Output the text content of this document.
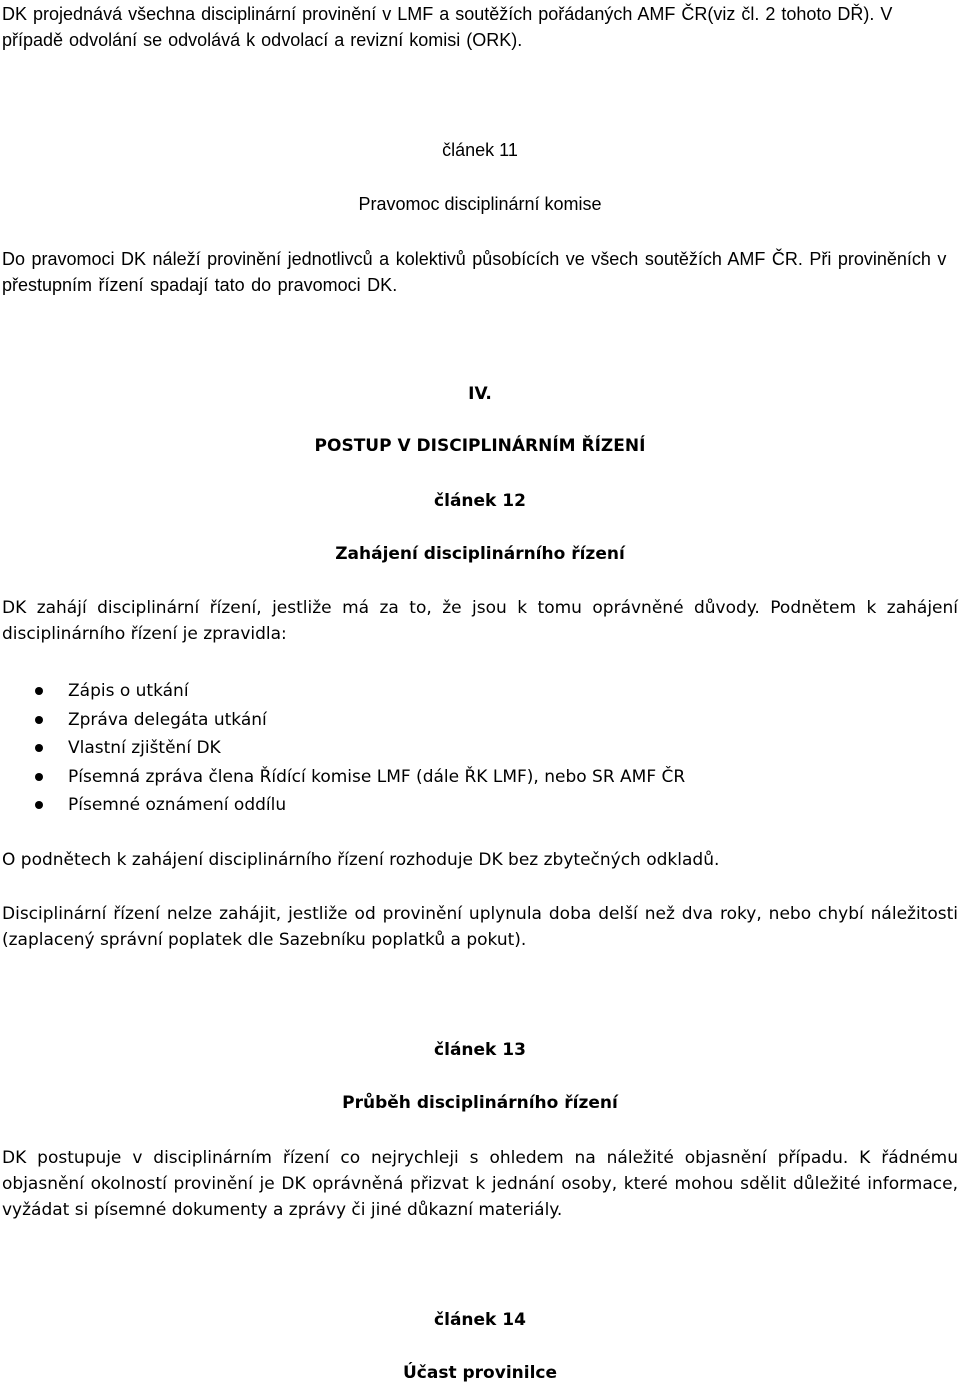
DK projednává všechna disciplinární provinění v LMF a soutěžích pořádaných AMF ČR(viz čl. 2 tohoto DŘ). V případě odvolání se odvolává k odvolací a revizní komisi (ORK).
článek 11
Pravomoc disciplinární komise
Do pravomoci DK náleží provinění jednotlivců a kolektivů působících ve všech soutěžích AMF ČR. Při proviněních v přestupním řízení spadají tato do pravomoci DK.
IV.
POSTUP V DISCIPLINÁRNÍM ŘÍZENÍ
článek 12
Zahájení disciplinárního řízení
DK zahájí disciplinární řízení, jestliže má za to, že jsou k tomu oprávněné důvody. Podnětem k zahájení disciplinárního řízení je zpravidla:
Zápis o utkání
Zpráva delegáta utkání
Vlastní zjištění DK
Písemná zpráva člena Řídící komise LMF (dále ŘK LMF), nebo SR AMF ČR
Písemné oznámení oddílu
O podnětech k zahájení disciplinárního řízení rozhoduje DK bez zbytečných odkladů.
Disciplinární řízení nelze zahájit, jestliže od provinění uplynula doba delší než dva roky, nebo chybí náležitosti (zaplacený správní poplatek dle Sazebníku poplatků a pokut).
článek 13
Průběh disciplinárního řízení
DK postupuje v disciplinárním řízení co nejrychleji s ohledem na náležité objasnění případu. K řádnému objasnění okolností provinění je DK oprávněná přizvat k jednání osoby, které mohou sdělit důležité informace, vyžádat si písemné dokumenty a zprávy či jiné důkazní materiály.
článek 14
Účast provinilce
